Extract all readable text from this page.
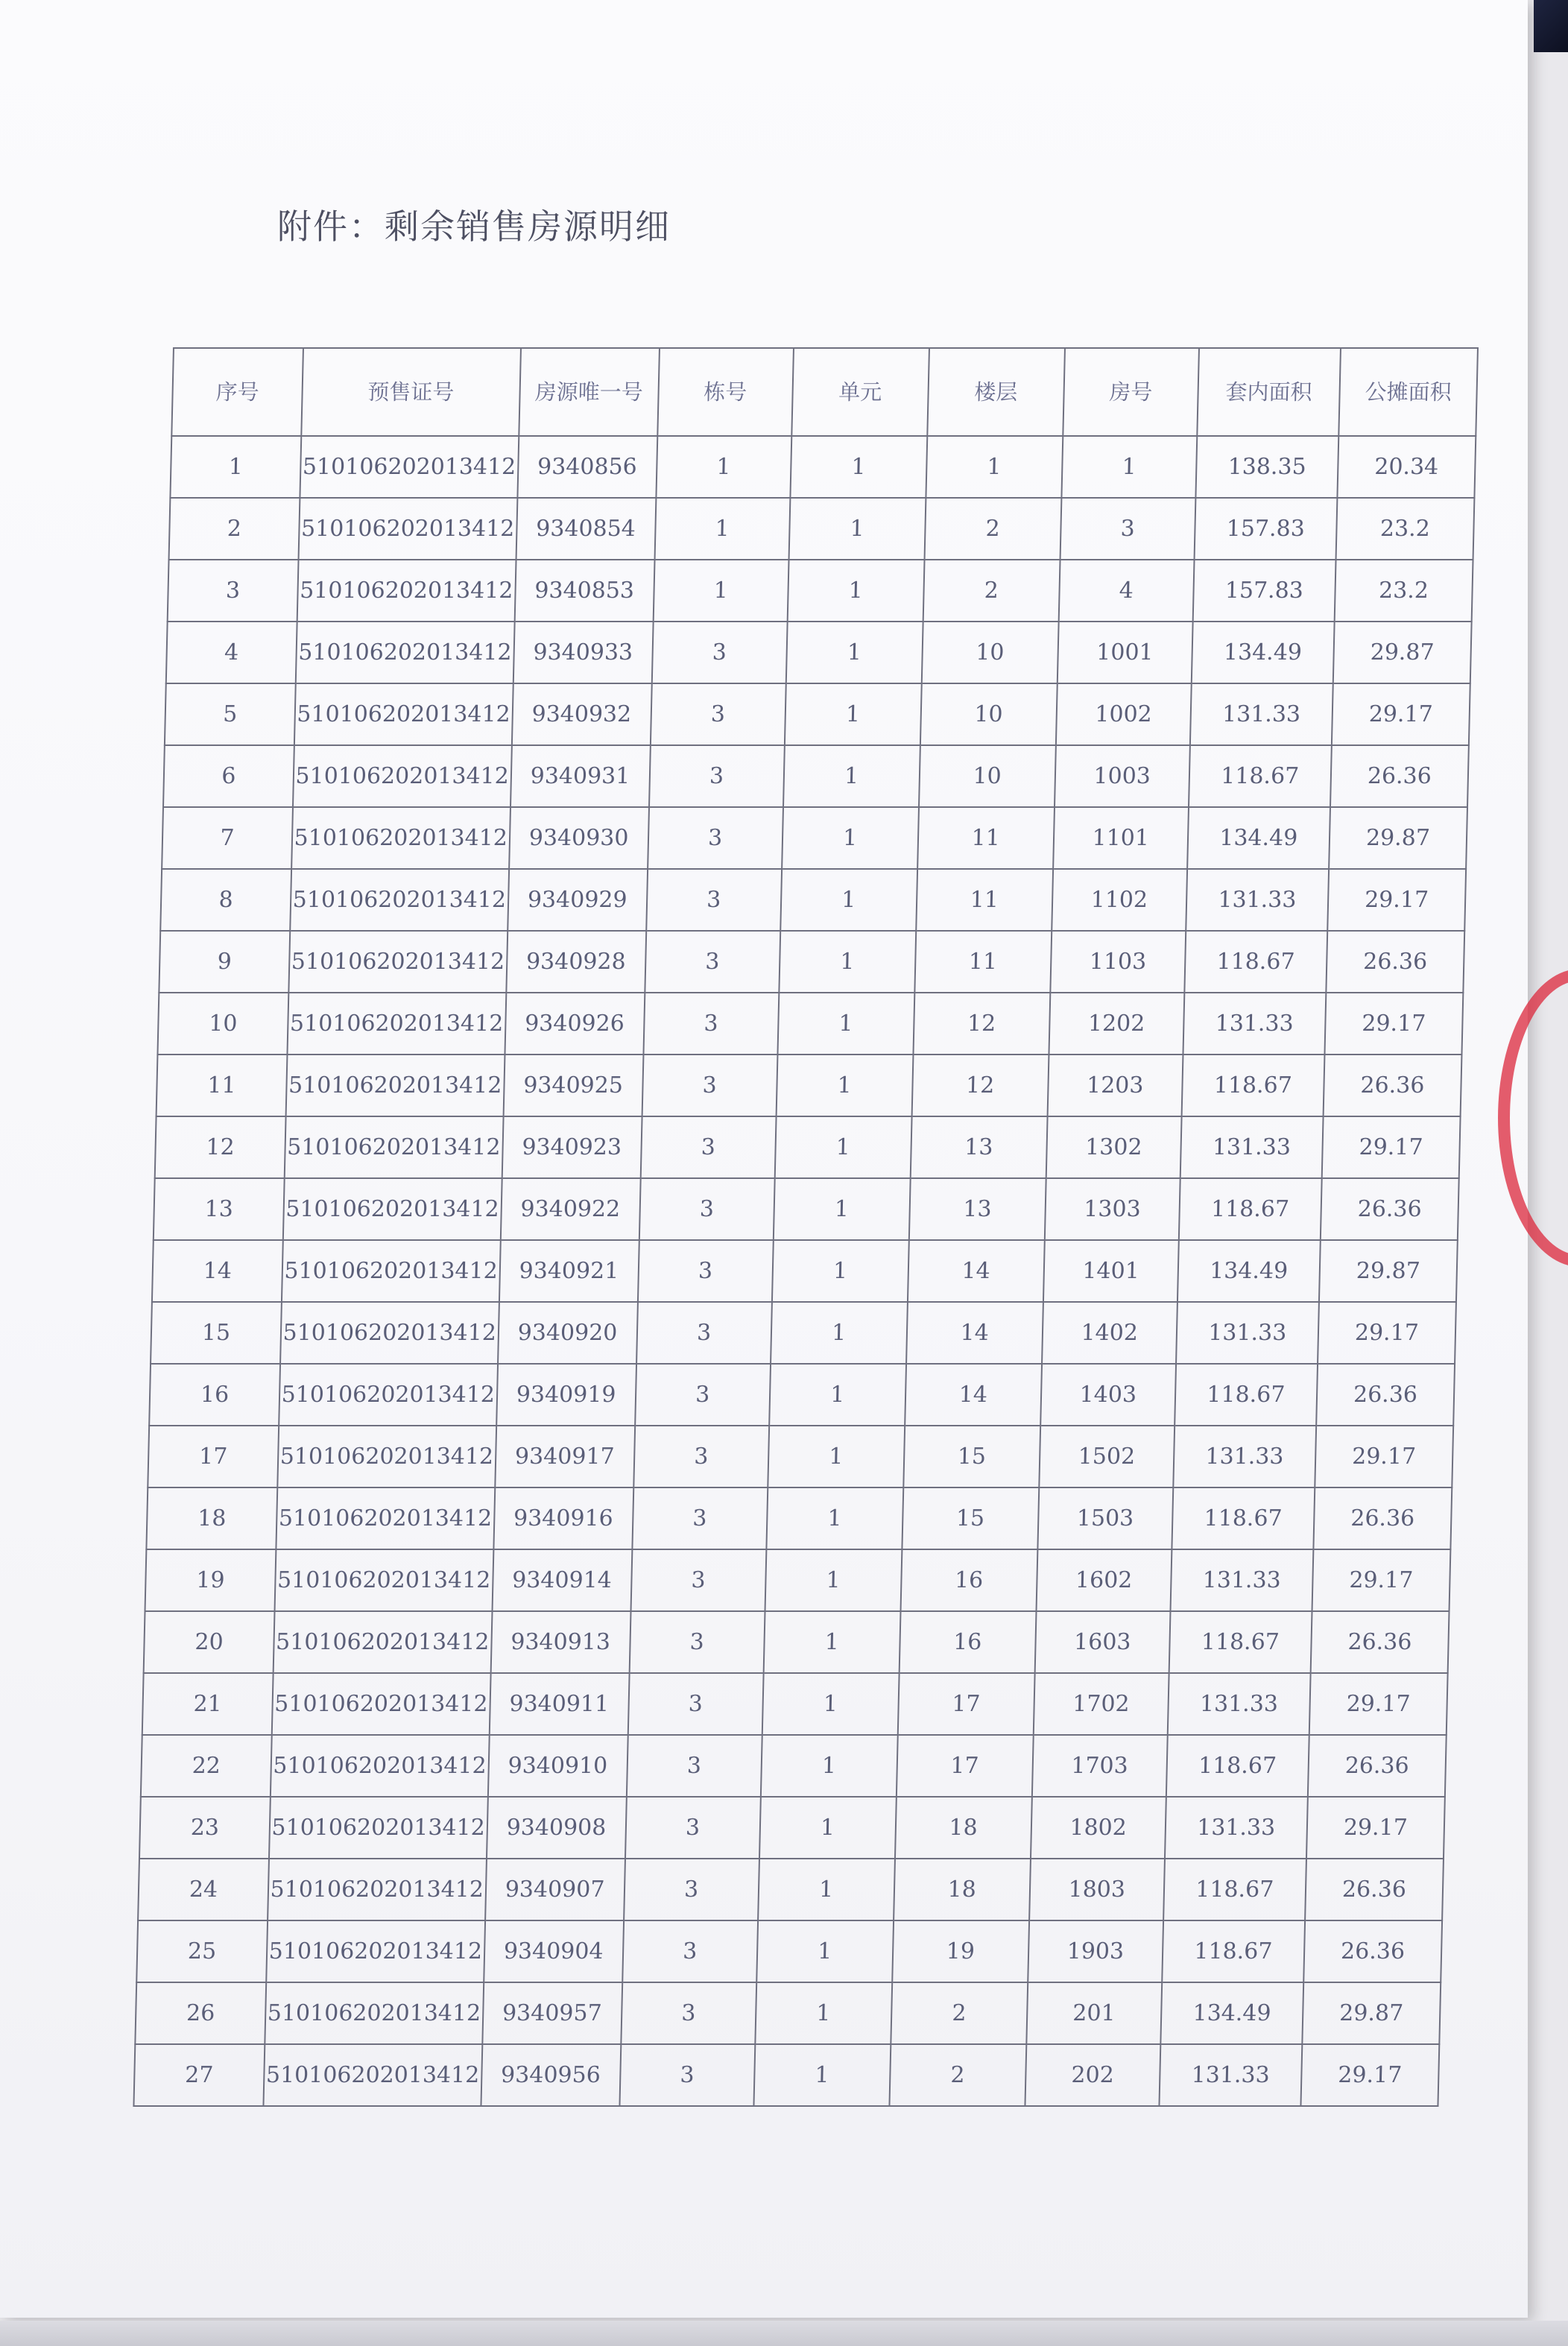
附件：剩余销售房源明细
序号	预售证号	房源唯一号	栋号	单元	楼层	房号	套内面积	公摊面积
1	510106202013412	9340856	1	1	1	1	138.35	20.34
2	510106202013412	9340854	1	1	2	3	157.83	23.2
3	510106202013412	9340853	1	1	2	4	157.83	23.2
4	510106202013412	9340933	3	1	10	1001	134.49	29.87
5	510106202013412	9340932	3	1	10	1002	131.33	29.17
6	510106202013412	9340931	3	1	10	1003	118.67	26.36
7	510106202013412	9340930	3	1	11	1101	134.49	29.87
8	510106202013412	9340929	3	1	11	1102	131.33	29.17
9	510106202013412	9340928	3	1	11	1103	118.67	26.36
10	510106202013412	9340926	3	1	12	1202	131.33	29.17
11	510106202013412	9340925	3	1	12	1203	118.67	26.36
12	510106202013412	9340923	3	1	13	1302	131.33	29.17
13	510106202013412	9340922	3	1	13	1303	118.67	26.36
14	510106202013412	9340921	3	1	14	1401	134.49	29.87
15	510106202013412	9340920	3	1	14	1402	131.33	29.17
16	510106202013412	9340919	3	1	14	1403	118.67	26.36
17	510106202013412	9340917	3	1	15	1502	131.33	29.17
18	510106202013412	9340916	3	1	15	1503	118.67	26.36
19	510106202013412	9340914	3	1	16	1602	131.33	29.17
20	510106202013412	9340913	3	1	16	1603	118.67	26.36
21	510106202013412	9340911	3	1	17	1702	131.33	29.17
22	510106202013412	9340910	3	1	17	1703	118.67	26.36
23	510106202013412	9340908	3	1	18	1802	131.33	29.17
24	510106202013412	9340907	3	1	18	1803	118.67	26.36
25	510106202013412	9340904	3	1	19	1903	118.67	26.36
26	510106202013412	9340957	3	1	2	201	134.49	29.87
27	510106202013412	9340956	3	1	2	202	131.33	29.17
